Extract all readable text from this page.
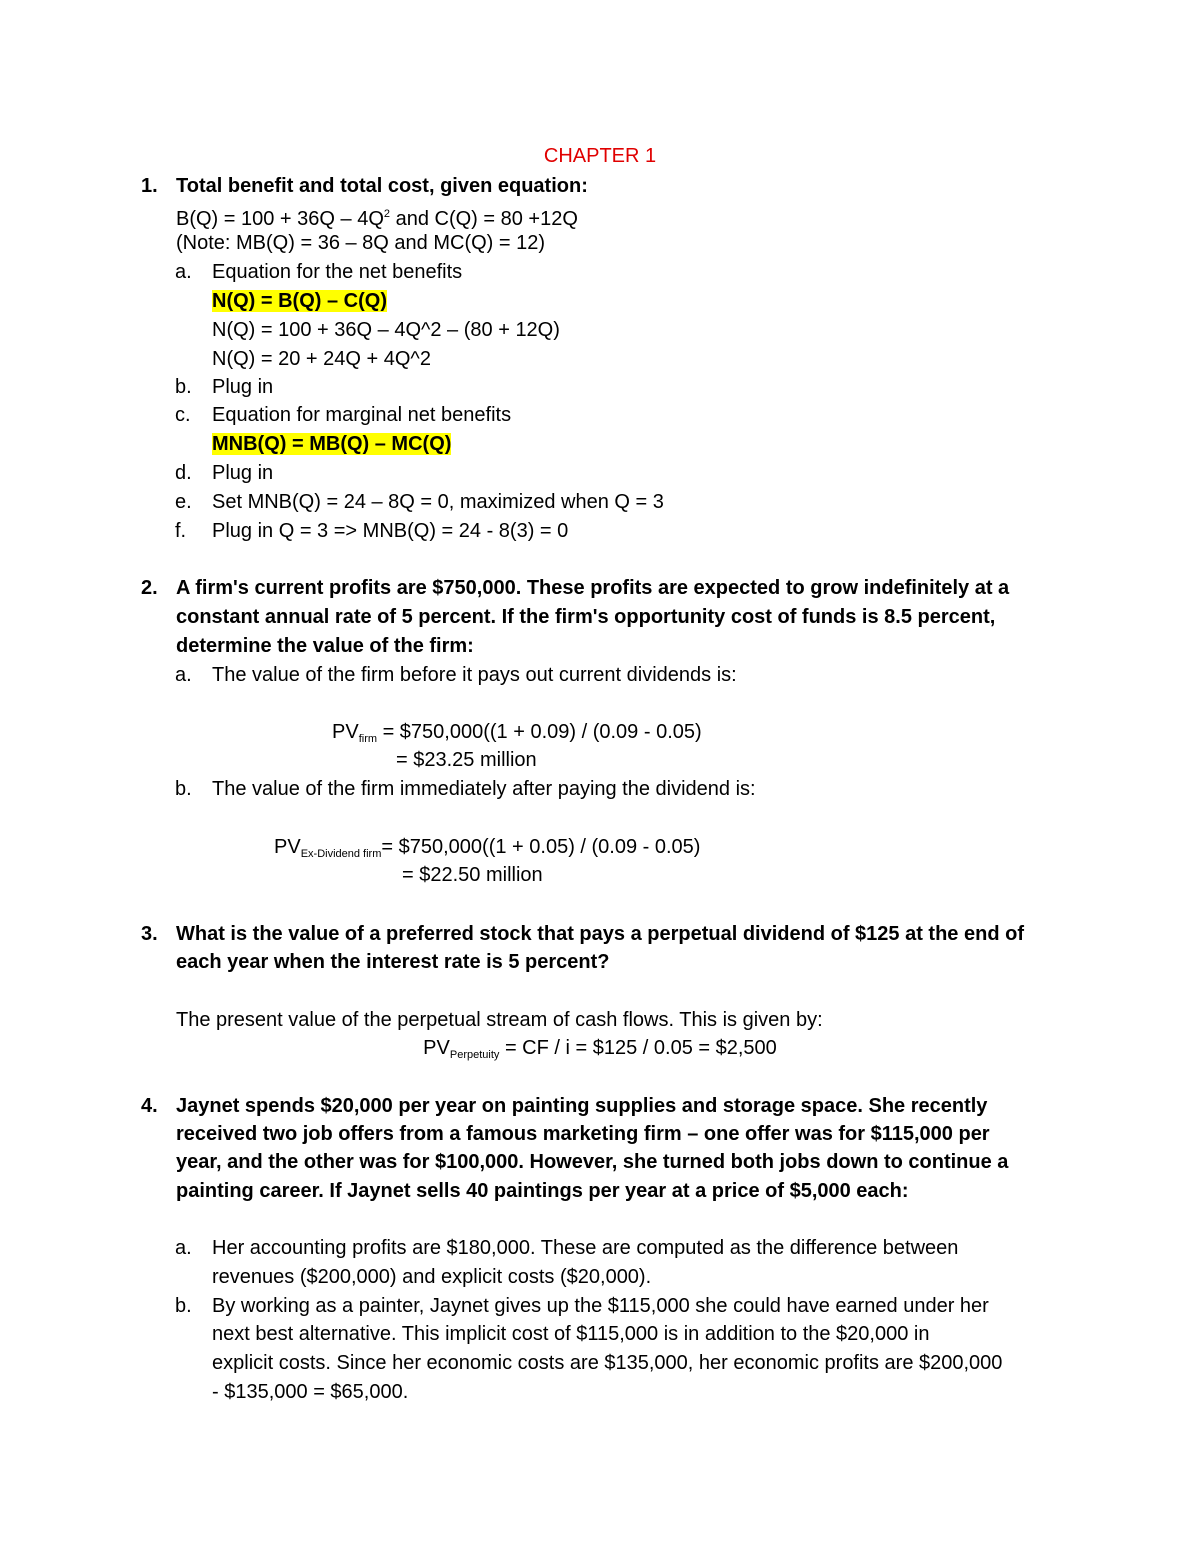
CHAPTER 1
1. Total benefit and total cost, given equation:
$B(Q) = 100 + 36Q - 4Q^2$ and C(Q) = 80 +12Q
(Note: MB(Q) = 36 – 8Q and MC(Q) = 12)
a. Equation for the net benefits
N(Q) = B(Q) – C(Q)
N(Q) = 100 + 36Q – 4Q^2 – (80 + 12Q)
N(Q) = 20 + 24Q + 4Q^2
b. Plug in
c. Equation for marginal net benefits
MNB(Q) = MB(Q) – MC(Q)
d. Plug in
e. Set MNB(Q) = 24 – 8Q = 0, maximized when Q = 3
f. Plug in Q = 3 => MNB(Q) = 24 - 8(3) = 0
2. A firm's current profits are $750,000. These profits are expected to grow indefinitely at a
constant annual rate of 5 percent. If the firm's opportunity cost of funds is 8.5 percent,
determine the value of the firm:
a. The value of the firm before it pays out current dividends is:
$PV_{firm}$ = $750,000((1 + 0.09) / (0.09 - 0.05)
= $23.25 million
b. The value of the firm immediately after paying the dividend is:
$PV_{Ex-Dividend firm}=$ $750,000((1 + 0.05) / (0.09 - 0.05)
= $22.50 million
3. What is the value of a preferred stock that pays a perpetual dividend of $125 at the end of
each year when the interest rate is 5 percent?
The present value of the perpetual stream of cash flows. This is given by:
$PV_{Perpetuity}$ = CF / i = $125 / 0.05 = $2,500
4. Jaynet spends $20,000 per year on painting supplies and storage space. She recently
received two job offers from a famous marketing firm – one offer was for $115,000 per
year, and the other was for $100,000. However, she turned both jobs down to continue a
painting career. If Jaynet sells 40 paintings per year at a price of $5,000 each:
a. Her accounting profits are $180,000. These are computed as the difference between
revenues ($200,000) and explicit costs ($20,000).
b. By working as a painter, Jaynet gives up the $115,000 she could have earned under her
next best alternative. This implicit cost of $115,000 is in addition to the $20,000 in
explicit costs. Since her economic costs are $135,000, her economic profits are $200,000
- $135,000 = $65,000.
